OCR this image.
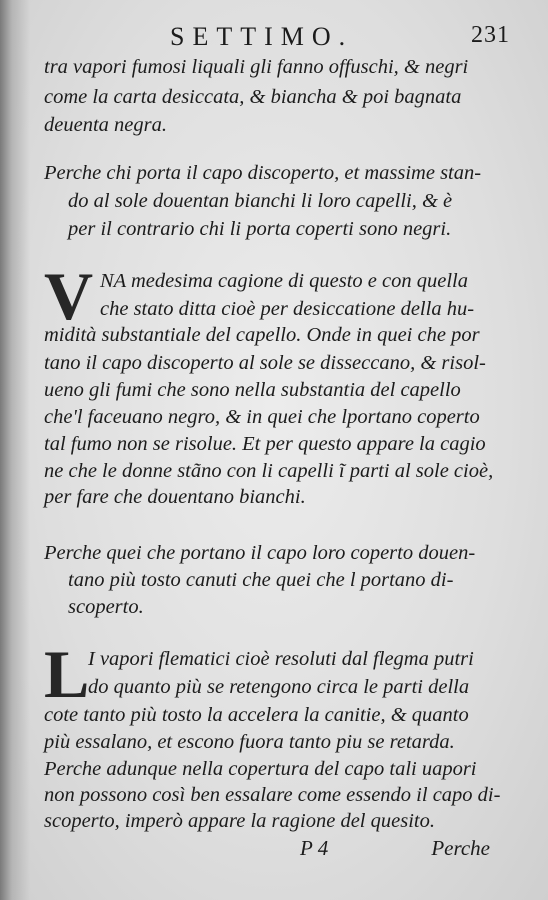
SETTIMO.	231
tra vapori fumosi liquali gli fanno offuschi, & negri
come la carta desiccata, & biancha & poi bagnata
deuenta negra.
Perche chi porta il capo discoperto, et massime stan-
do al sole douentan bianchi li loro capelli, & è
per il contrario chi li porta coperti sono negri.
V NA medesima cagione di questo e con quella
che stato ditta cioè per desiccatione della hu-
midità substantiale del capello. Onde in quei che por
tano il capo discoperto al sole se disseccano, & risol-
ueno gli fumi che sono nella substantia del capello
che'l faceuano negro, & in quei che lportano coperto
tal fumo non se risolue. Et per questo appare la cagio
ne che le donne stãno con li capelli ĩ parti al sole cioè,
per fare che douentano bianchi.
Perche quei che portano il capo loro coperto douen-
tano più tosto canuti che quei che l portano di-
scoperto.
L
I vapori flematici cioè resoluti dal flegma putri
do quanto più se retengono circa le parti della
cote tanto più tosto la accelera la canitie, & quanto
più essalano, et escono fuora tanto piu se retarda.
Perche adunque nella copertura del capo tali uapori
non possono così ben essalare come essendo il capo di-
scoperto, imperò appare la ragione del quesito.
P 4	Perche
